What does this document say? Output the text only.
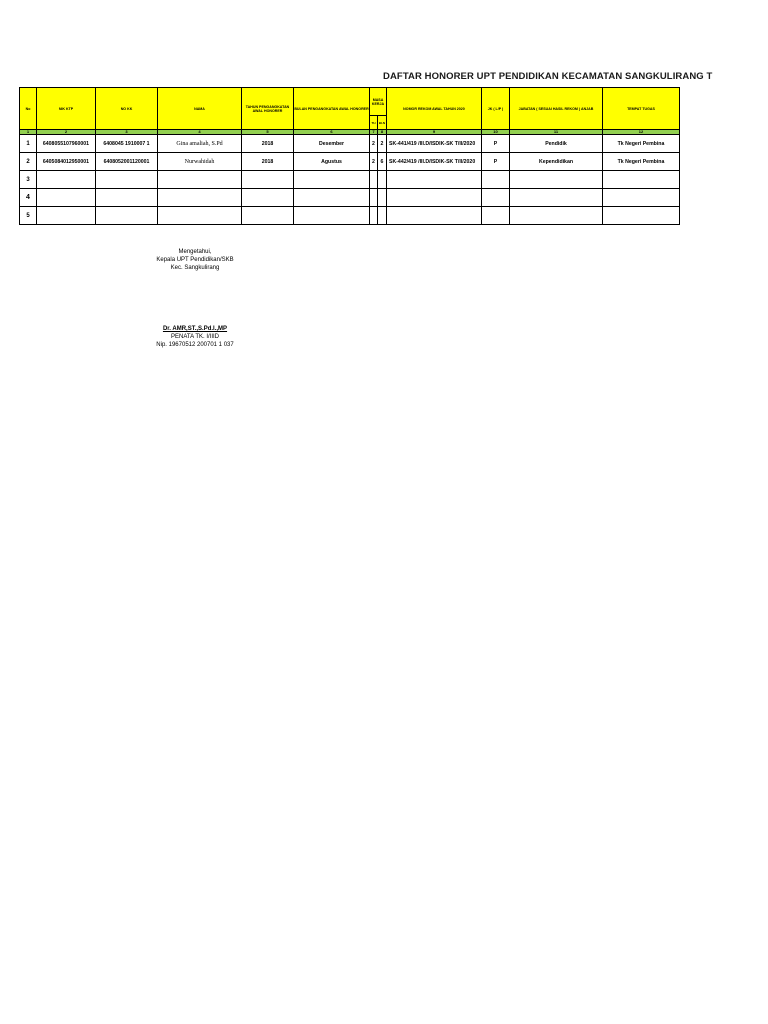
DAFTAR HONORER UPT PENDIDIKAN KECAMATAN SANGKULIRANG T
No	NIK KTP	NO KK	NAMA	TAHUN PENGANGKATAN AWAL HONORER	BULAN PENGANGKATAN AWAL HONORER	MASA KERJA		NOMOR REKOM AWAL TAHUN 2020	JK ( L/P )	JABATAN ( SESUAI HASIL REKOM ) ANJAB	TEMPAT TUGAS
						TH	BLN				
1	2	3	4	5	6	7	8	9	10	11	12
1	6408055107960001	6408045 1910007 1	Gina amaliah, S.Pd	2018	Desember	2	2	SK-441/419 /III.D/ISDIK-SK T/II/2020	P	Pendidik	Tk Negeri Pembina
2	6405084012950001	6408052001120001	Nurwahidah	2018	Agustus	2	6	SK-442/419 /III.D/ISDIK-SK T/II/2020	P	Kependidikan	Tk Negeri Pembina
3											
4											
5											
Mengetahui,
Kepala UPT Pendidikan/SKB
Kec. Sangkulirang
Dr. AMR,ST.,S.Pd.I.,MP
PENATA TK. I/IIID
Nip. 19670512 200701 1 037
